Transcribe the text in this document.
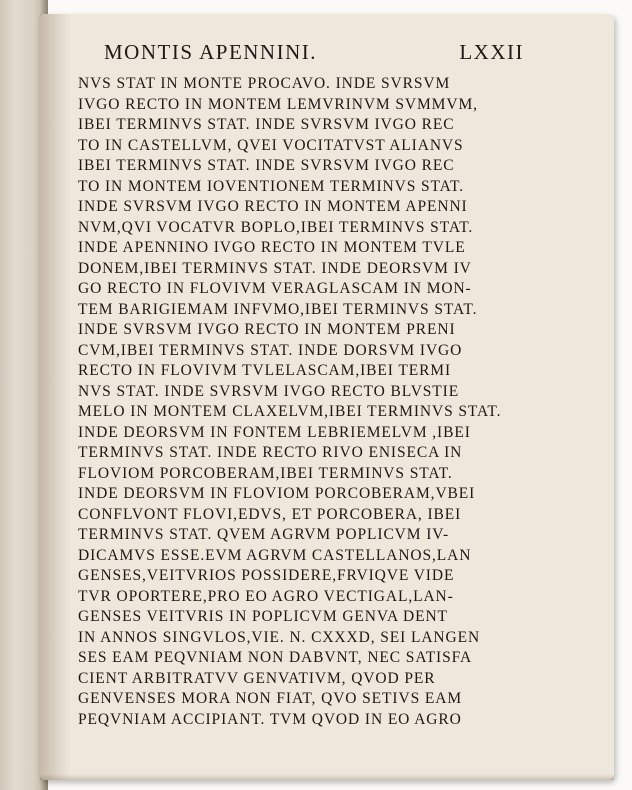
MONTIS APENNINI.	LXXII
NVS STAT IN MONTE PROCAVO. INDE SVRSVM
IVGO RECTO IN MONTEM LEMVRINVM SVMMVM,
IBEI TERMINVS STAT. INDE SVRSVM IVGO REC
TO IN CASTELLVM, QVEI VOCITATVST ALIANVS
IBEI TERMINVS STAT. INDE SVRSVM IVGO REC
TO IN MONTEM IOVENTIONEM TERMINVS STAT.
INDE SVRSVM IVGO RECTO IN MONTEM APENNI
NVM,QVI VOCATVR BOPLO,IBEI TERMINVS STAT.
INDE APENNINO IVGO RECTO IN MONTEM TVLE
DONEM,IBEI TERMINVS STAT. INDE DEORSVM IV
GO RECTO IN FLOVIVM VERAGLASCAM IN MON-
TEM BARIGIEMAM INFVMO,IBEI TERMINVS STAT.
INDE SVRSVM IVGO RECTO IN MONTEM PRENI
CVM,IBEI TERMINVS STAT. INDE DORSVM IVGO
RECTO IN FLOVIVM TVLELASCAM,IBEI TERMI
NVS STAT. INDE SVRSVM IVGO RECTO BLVSTIE
MELO IN MONTEM CLAXELVM,IBEI TERMINVS STAT.
INDE DEORSVM IN FONTEM LEBRIEMELVM ,IBEI
TERMINVS STAT. INDE RECTO RIVO ENISECA IN
FLOVIOM PORCOBERAM,IBEI TERMINVS STAT.
INDE DEORSVM IN FLOVIOM PORCOBERAM,VBEI
CONFLVONT FLOVI,EDVS, ET PORCOBERA, IBEI
TERMINVS STAT. QVEM AGRVM POPLICVM IV-
DICAMVS ESSE.EVM AGRVM CASTELLANOS,LAN
GENSES,VEITVRIOS POSSIDERE,FRVIQVE VIDE
TVR OPORTERE,PRO EO AGRO VECTIGAL,LAN-
GENSES VEITVRIS IN POPLICVM GENVA DENT
IN ANNOS SINGVLOS,VIE. N. CXXXD, SEI LANGEN
SES EAM PEQVNIAM NON DABVNT, NEC SATISFA
CIENT ARBITRATVV GENVATIVM, QVOD PER
GENVENSES MORA NON FIAT, QVO SETIVS EAM
PEQVNIAM ACCIPIANT. TVM QVOD IN EO AGRO
